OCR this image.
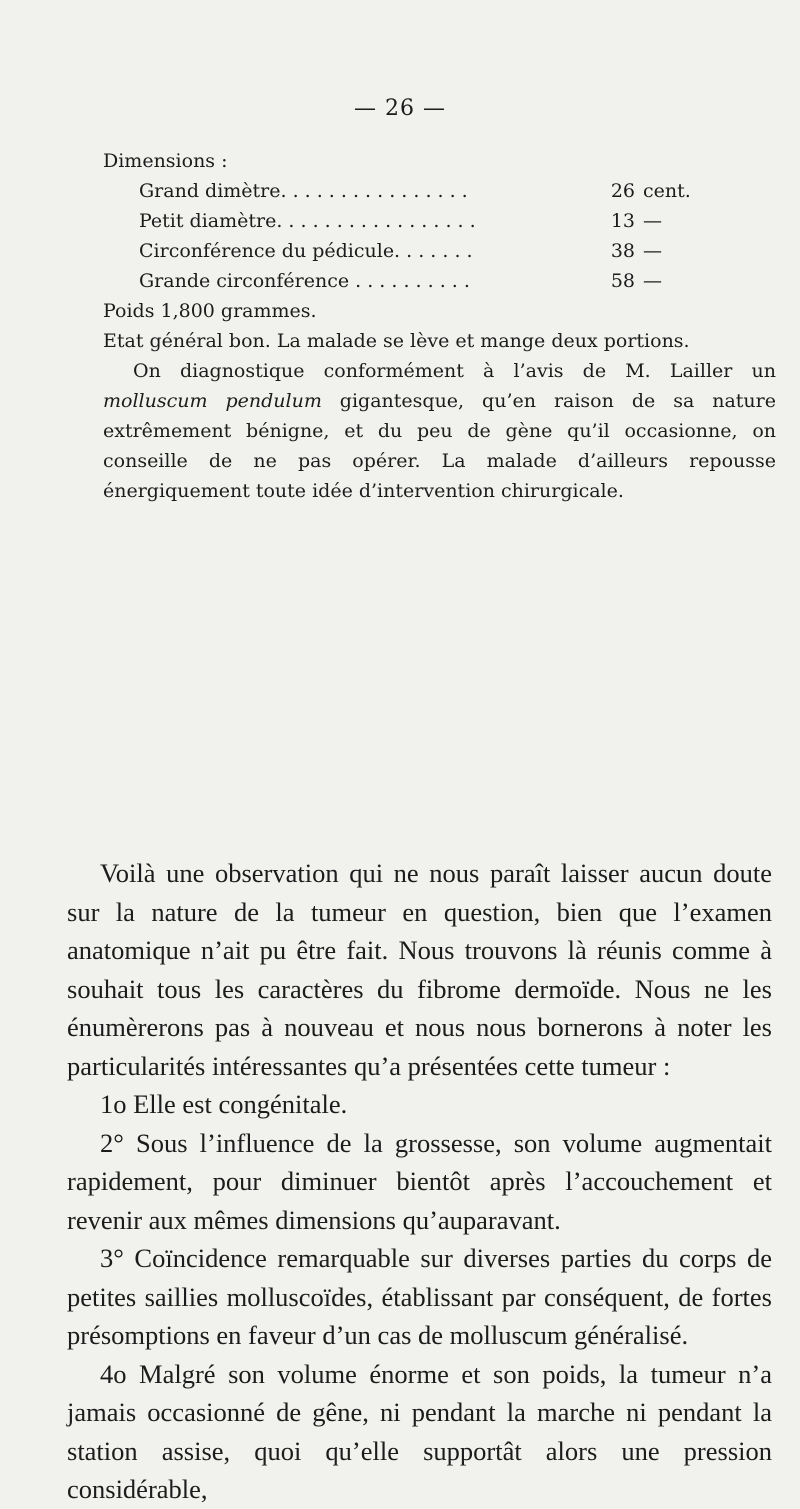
— 26 —
Dimensions :
Grand dimètre. . . . . . . . . . . . . . . .	26 cent.
Petit diamètre. . . . . . . . . . . . . . . . .	13 —
Circonférence du pédicule. . . . . . .	38 —
Grande circonférence . . . . . . . . . .	58 —

Poids 1,800 grammes.

Etat général bon. La malade se lève et mange deux portions.

On diagnostique conformément à l’avis de M. Lailler un molluscum pendulum gigantesque, qu’en raison de sa nature extrêmement bénigne, et du peu de gène qu’il occasionne, on conseille de ne pas opérer. La malade d’ailleurs repousse énergiquement toute idée d’intervention chirurgicale.

Voilà une observation qui ne nous paraît laisser aucun doute sur la nature de la tumeur en question, bien que l’examen anatomique n’ait pu être fait. Nous trouvons là réunis comme à souhait tous les caractères du fibrome dermoïde. Nous ne les énumèrerons pas à nouveau et nous nous bornerons à noter les particularités intéressantes qu’a présentées cette tumeur :

1o Elle est congénitale.

2° Sous l’influence de la grossesse, son volume augmentait rapidement, pour diminuer bientôt après l’accouchement et revenir aux mêmes dimensions qu’auparavant.

3° Coïncidence remarquable sur diverses parties du corps de petites saillies molluscoïdes, établissant par conséquent, de fortes présomptions en faveur d’un cas de molluscum généralisé.

4o Malgré son volume énorme et son poids, la tumeur n’a jamais occasionné de gêne, ni pendant la marche ni pendant la station assise, quoi qu’elle supportât alors une pression considérable,
